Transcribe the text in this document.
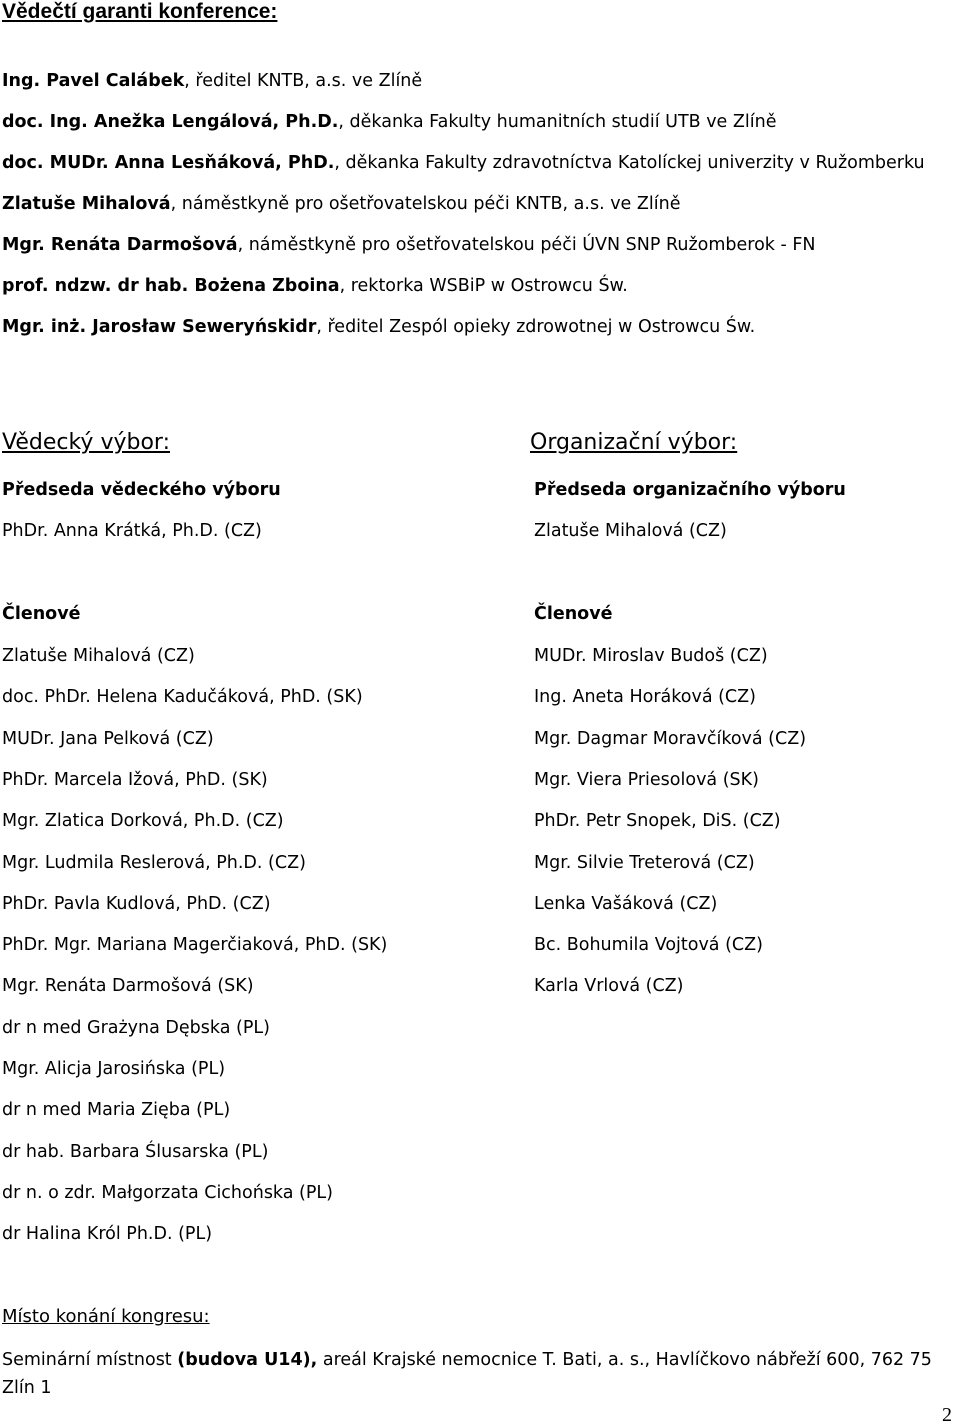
Vědečtí garanti konference:
Ing. Pavel Calábek, ředitel KNTB, a.s. ve Zlíně
doc. Ing. Anežka Lengálová, Ph.D., děkanka Fakulty humanitních studií UTB ve Zlíně
doc. MUDr. Anna Lesňáková, PhD., děkanka Fakulty zdravotníctva Katolíckej univerzity v Ružomberku
Zlatuše Mihalová, náměstkyně pro ošetřovatelskou péči KNTB, a.s. ve Zlíně
Mgr. Renáta Darmošová, náměstkyně pro ošetřovatelskou péči ÚVN SNP Ružomberok - FN
prof. ndzw. dr hab. Bożena Zboina, rektorka WSBiP w Ostrowcu Św.
Mgr. inż. Jarosław Seweryńskidr, ředitel Zespól opieky zdrowotnej w Ostrowcu Św.
Vědecký výbor:	Organizační výbor:
Předseda vědeckého výboru
PhDr. Anna Krátká, Ph.D. (CZ)
Předseda organizačního výboru
Zlatuše Mihalová (CZ)
Členové	Členové
Zlatuše Mihalová (CZ)
doc. PhDr. Helena Kadučáková, PhD. (SK)
MUDr. Jana Pelková (CZ)
PhDr. Marcela Ižová, PhD. (SK)
Mgr. Zlatica Dorková, Ph.D. (CZ)
Mgr. Ludmila Reslerová, Ph.D. (CZ)
PhDr. Pavla Kudlová, PhD. (CZ)
PhDr. Mgr. Mariana Magerčiaková, PhD. (SK)
Mgr. Renáta Darmošová (SK)
dr n med Grażyna Dębska (PL)
Mgr. Alicja Jarosińska (PL)
dr n med Maria Zięba (PL)
dr hab. Barbara Ślusarska (PL)
dr n. o zdr. Małgorzata Cichońska (PL)
dr Halina Król Ph.D. (PL)
MUDr. Miroslav Budoš (CZ)
Ing. Aneta Horáková (CZ)
Mgr. Dagmar Moravčíková (CZ)
Mgr. Viera Priesolová (SK)
PhDr. Petr Snopek, DiS. (CZ)
Mgr. Silvie Treterová (CZ)
Lenka Vašáková (CZ)
Bc. Bohumila Vojtová (CZ)
Karla Vrlová (CZ)
Místo konání kongresu:
Seminární místnost (budova U14), areál Krajské nemocnice T. Bati, a. s., Havlíčkovo nábřeží 600, 762 75 Zlín 1
2
